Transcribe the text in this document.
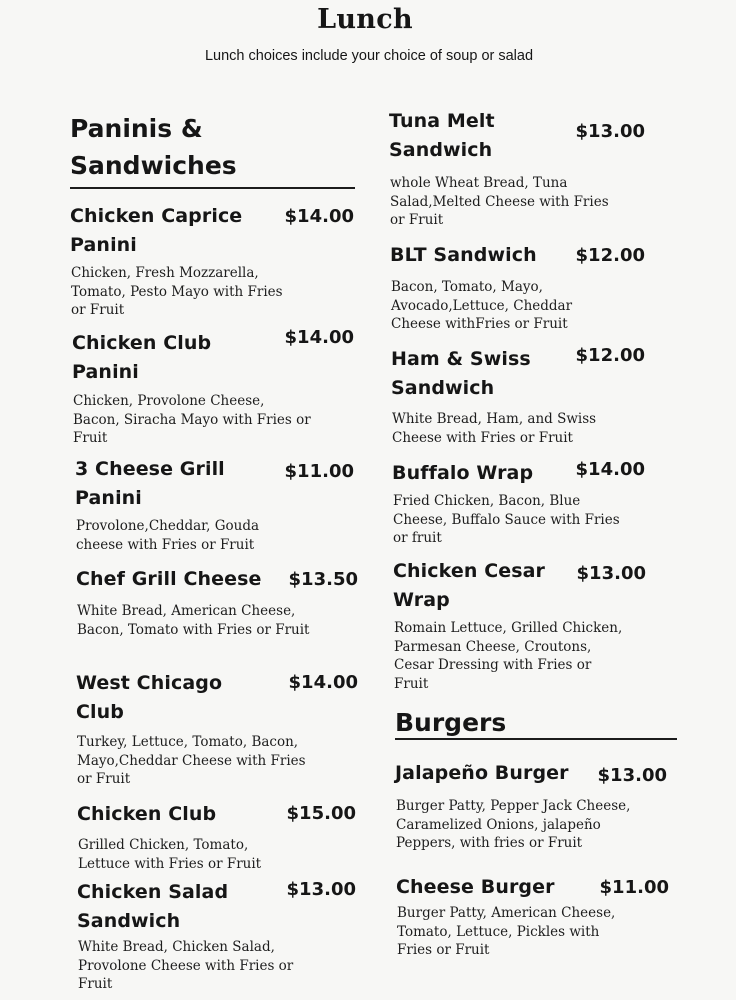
Lunch
Lunch choices include your choice of soup or salad
Paninis & Sandwiches
Chicken Caprice Panini
$14.00
Chicken, Fresh Mozzarella, Tomato, Pesto Mayo with Fries or Fruit
Chicken Club Panini
$14.00
Chicken, Provolone Cheese, Bacon, Siracha Mayo with Fries or Fruit
3 Cheese Grill Panini
$11.00
Provolone,Cheddar, Gouda cheese with Fries or Fruit
Chef Grill Cheese	$13.50
White Bread, American Cheese, Bacon, Tomato with Fries or Fruit
West Chicago Club
$14.00
Turkey, Lettuce, Tomato, Bacon, Mayo,Cheddar Cheese with Fries or Fruit
Chicken Club	$15.00
Grilled Chicken, Tomato, Lettuce with Fries or Fruit
Chicken Salad Sandwich
$13.00
White Bread, Chicken Salad, Provolone Cheese with Fries or Fruit
Tuna Melt Sandwich
$13.00
whole Wheat Bread, Tuna Salad,Melted Cheese with Fries or Fruit
BLT Sandwich	$12.00
Bacon, Tomato, Mayo, Avocado,Lettuce, Cheddar Cheese withFries or Fruit
Ham & Swiss Sandwich
$12.00
White Bread, Ham, and Swiss Cheese with Fries or Fruit
Buffalo Wrap	$14.00
Fried Chicken, Bacon, Blue Cheese, Buffalo Sauce with Fries or fruit
Chicken Cesar Wrap
$13.00
Romain Lettuce, Grilled Chicken, Parmesan Cheese, Croutons, Cesar Dressing with Fries or Fruit
Burgers
Jalapeño Burger	$13.00
Burger Patty, Pepper Jack Cheese, Caramelized Onions, jalapeño Peppers, with fries or Fruit
Cheese Burger	$11.00
Burger Patty, American Cheese, Tomato, Lettuce, Pickles with Fries or Fruit
